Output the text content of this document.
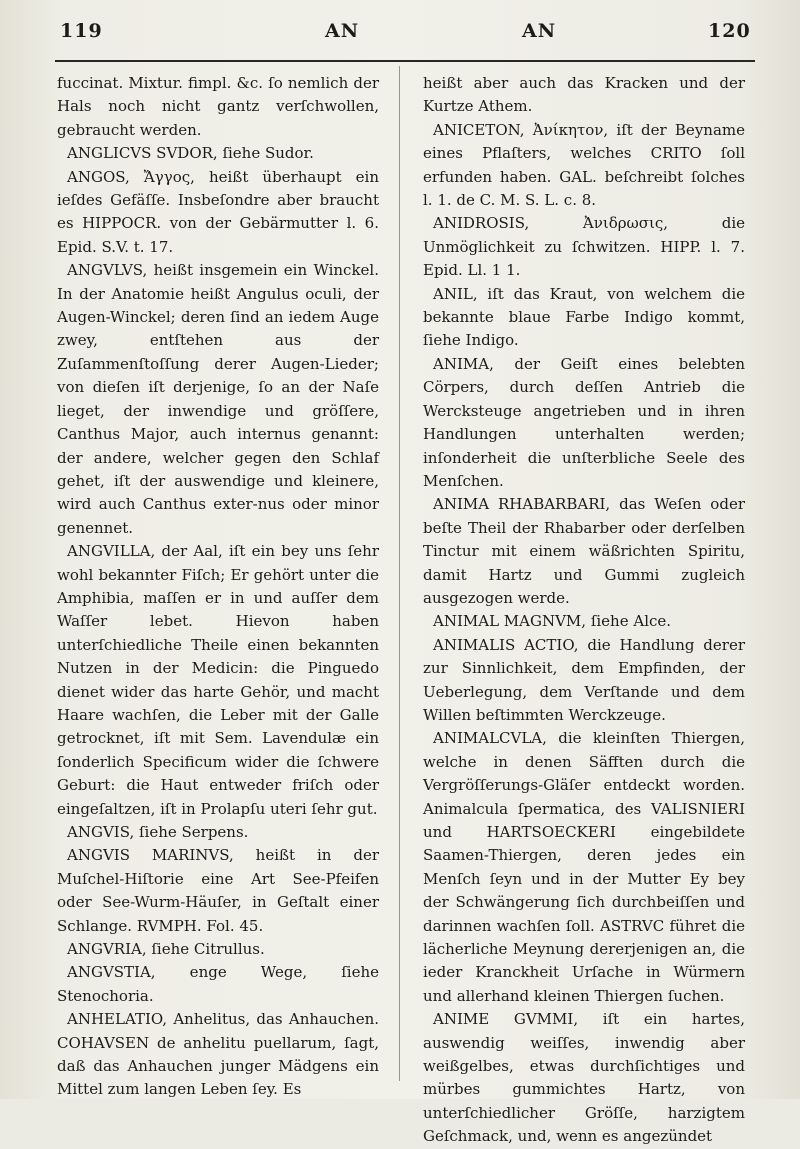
119	AN	AN	120

fuccinat. Mixtur. fimpl. &c. ſo nemlich der Hals noch nicht gantz verſchwollen, gebraucht werden.

ANGLICVS SVDOR, ſiehe Sudor.

ANGOS, Ἄγγος, heißt überhaupt ein ieſdes Gefäſſe. Insbeſondre aber braucht es HIPPOCR. von der Gebärmutter l. 6. Epid. S.V. t. 17.

ANGVLVS, heißt insgemein ein Winckel. In der Anatomie heißt Angulus oculi, der Augen-Winckel; deren ſind an iedem Auge zwey, entſtehen aus der Zuſammenſtoſſung derer Augen-Lieder; von dieſen iſt derjenige, ſo an der Naſe lieget, der inwendige und gröſſere, Canthus Major, auch internus genannt: der andere, welcher gegen den Schlaf gehet, iſt der auswendige und kleinere, wird auch Canthus exter-nus oder minor genennet.

ANGVILLA, der Aal, iſt ein bey uns ſehr wohl bekannter Fiſch; Er gehört unter die Amphibia, maſſen er in und auſſer dem Waſſer lebet. Hievon haben unterſchiedliche Theile einen bekannten Nutzen in der Medicin: die Pinguedo dienet wider das harte Gehör, und macht Haare wachſen, die Leber mit der Galle getrocknet, iſt mit Sem. Lavendulæ ein ſonderlich Specificum wider die ſchwere Geburt: die Haut entweder friſch oder eingeſaltzen, iſt in Prolapſu uteri ſehr gut.

ANGVIS, ſiehe Serpens.

ANGVIS MARINVS, heißt in der Muſchel-Hiſtorie eine Art See-Pfeifen oder See-Wurm-Häuſer, in Geſtalt einer Schlange. RVMPH. Fol. 45.

ANGVRIA, ſiehe Citrullus.

ANGVSTIA, enge Wege, ſiehe Stenochoria.

ANHELATIO, Anhelitus, das Anhauchen. COHAVSEN de anhelitu puellarum, ſagt, daß das Anhauchen junger Mädgens ein Mittel zum langen Leben ſey. Es

heißt aber auch das Kracken und der Kurtze Athem.

ANICETON, Ἀνίκητον, iſt der Beyname eines Pflaſters, welches CRITO ſoll erfunden haben. GAL. beſchreibt ſolches l. 1. de C. M. S. L. c. 8.

ANIDROSIS, Ἀνιδρωσις, die Unmöglichkeit zu ſchwitzen. HIPP. l. 7. Epid. Ll. 1 1.

ANIL, iſt das Kraut, von welchem die bekannte blaue Farbe Indigo kommt, ſiehe Indigo.

ANIMA, der Geiſt eines belebten Cörpers, durch deſſen Antrieb die Wercksteuge angetrieben und in ihren Handlungen unterhalten werden; inſonderheit die unſterbliche Seele des Menſchen.

ANIMA RHABARBARI, das Weſen oder beſte Theil der Rhabarber oder derſelben Tinctur mit einem wäßrichten Spiritu, damit Hartz und Gummi zugleich ausgezogen werde.

ANIMAL MAGNVM, ſiehe Alce.

ANIMALIS ACTIO, die Handlung derer zur Sinnlichkeit, dem Empfinden, der Ueberlegung, dem Verſtande und dem Willen beſtimmten Werckzeuge.

ANIMALCVLA, die kleinſten Thiergen, welche in denen Säfften durch die Vergröſſerungs-Gläſer entdeckt worden. Animalcula ſpermatica, des VALISNIERI und HARTSOECKERI eingebildete Saamen-Thiergen, deren jedes ein Menſch ſeyn und in der Mutter Ey bey der Schwängerung ſich durchbeiſſen und darinnen wachſen ſoll. ASTRVC führet die lächerliche Meynung dererjenigen an, die ieder Kranckheit Urſache in Würmern und allerhand kleinen Thiergen ſuchen.

ANIME GVMMI, iſt ein hartes, auswendig weiſſes, inwendig aber weißgelbes, etwas durchſichtiges und mürbes gummichtes Hartz, von unterſchiedlicher Gröſſe, harzigtem Geſchmack, und, wenn es angezündet
